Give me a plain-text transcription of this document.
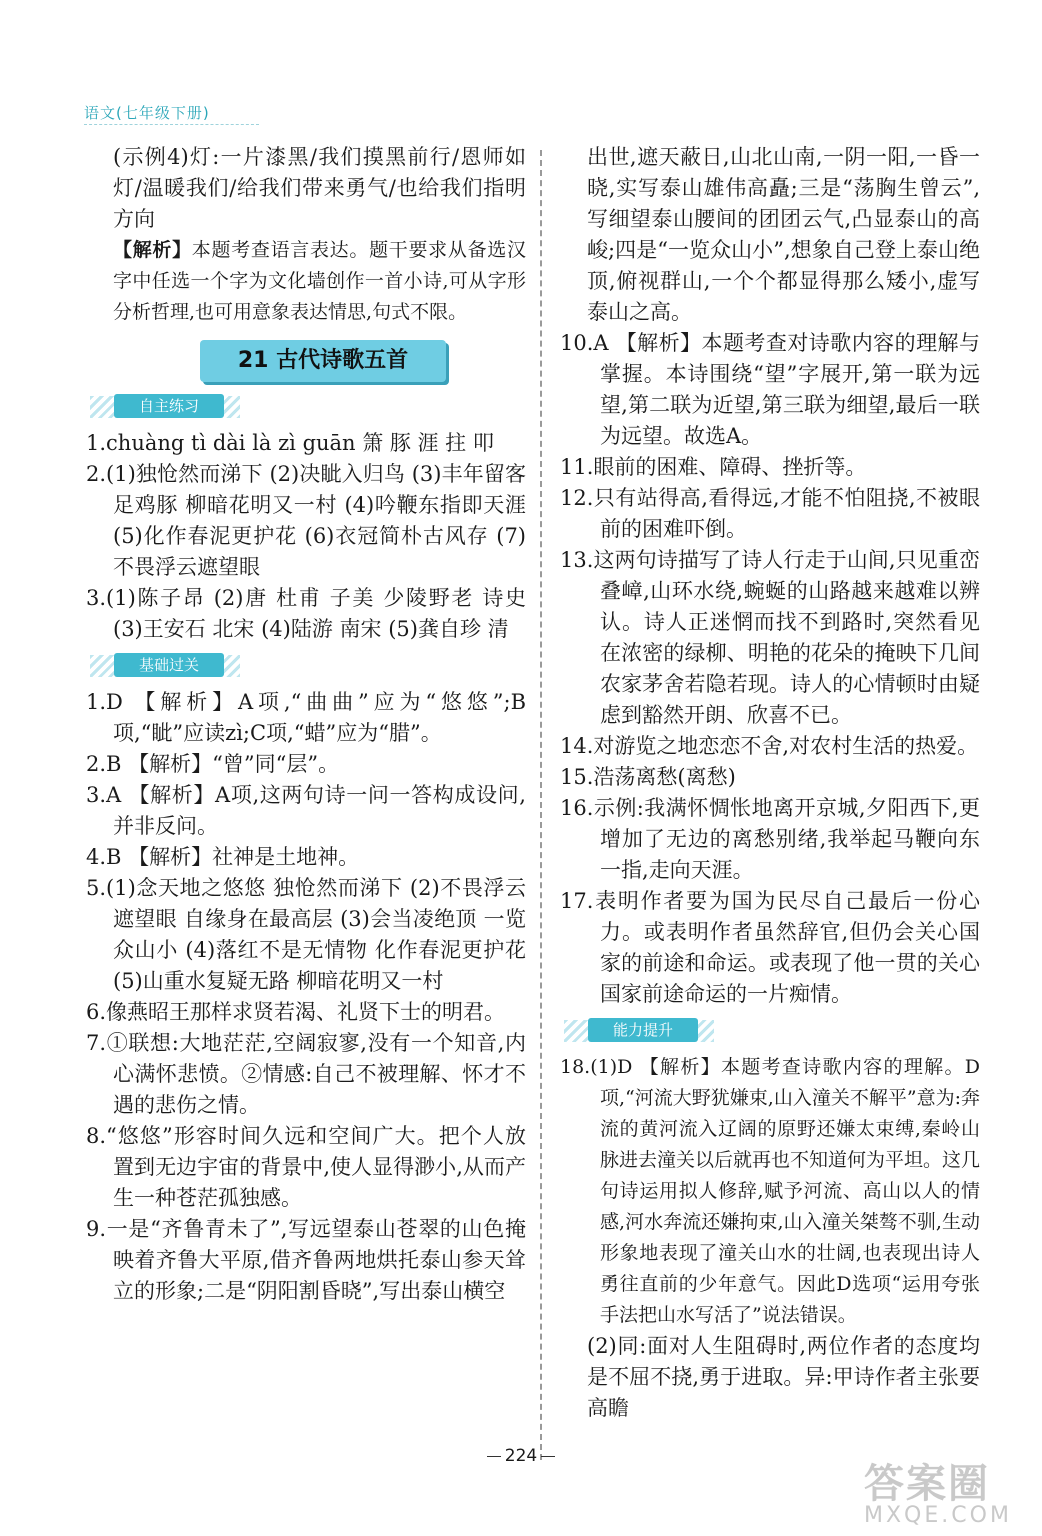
语文(七年级下册)

(示例4)灯:一片漆黑/我们摸黑前行/恩师如灯/温暖我们/给我们带来勇气/也给我们指明方向

【解析】本题考查语言表达。题干要求从备选汉字中任选一个字为文化墙创作一首小诗,可从字形分析哲理,也可用意象表达情思,句式不限。

21 古代诗歌五首
自主练习

1.chuàng tì dài là zì guān 箫 豚 涯 拄 叩

2.(1)独怆然而涕下 (2)决眦入归鸟 (3)丰年留客足鸡豚 柳暗花明又一村 (4)吟鞭东指即天涯 (5)化作春泥更护花 (6)衣冠简朴古风存 (7)不畏浮云遮望眼

3.(1)陈子昂 (2)唐 杜甫 子美 少陵野老 诗史 (3)王安石 北宋 (4)陆游 南宋 (5)龚自珍 清

基础过关

1.D 【解析】A项,“曲曲”应为“悠悠”;B项,“眦”应读zì;C项,“蜡”应为“腊”。

2.B 【解析】“曾”同“层”。

3.A 【解析】A项,这两句诗一问一答构成设问,并非反问。

4.B 【解析】社神是土地神。

5.(1)念天地之悠悠 独怆然而涕下 (2)不畏浮云遮望眼 自缘身在最高层 (3)会当凌绝顶 一览众山小 (4)落红不是无情物 化作春泥更护花 (5)山重水复疑无路 柳暗花明又一村

6.像燕昭王那样求贤若渴、礼贤下士的明君。

7.①联想:大地茫茫,空阔寂寥,没有一个知音,内心满怀悲愤。②情感:自己不被理解、怀才不遇的悲伤之情。

8.“悠悠”形容时间久远和空间广大。把个人放置到无边宇宙的背景中,使人显得渺小,从而产生一种苍茫孤独感。

9.一是“齐鲁青未了”,写远望泰山苍翠的山色掩映着齐鲁大平原,借齐鲁两地烘托泰山参天耸立的形象;二是“阴阳割昏晓”,写出泰山横空

出世,遮天蔽日,山北山南,一阴一阳,一昏一晓,实写泰山雄伟高矗;三是“荡胸生曾云”,写细望泰山腰间的团团云气,凸显泰山的高峻;四是“一览众山小”,想象自己登上泰山绝顶,俯视群山,一个个都显得那么矮小,虚写泰山之高。

10.A 【解析】本题考查对诗歌内容的理解与掌握。本诗围绕“望”字展开,第一联为远望,第二联为近望,第三联为细望,最后一联为远望。故选A。

11.眼前的困难、障碍、挫折等。

12.只有站得高,看得远,才能不怕阻挠,不被眼前的困难吓倒。

13.这两句诗描写了诗人行走于山间,只见重峦叠嶂,山环水绕,蜿蜒的山路越来越难以辨认。诗人正迷惘而找不到路时,突然看见在浓密的绿柳、明艳的花朵的掩映下几间农家茅舍若隐若现。诗人的心情顿时由疑虑到豁然开朗、欣喜不已。

14.对游览之地恋恋不舍,对农村生活的热爱。

15.浩荡离愁(离愁)

16.示例:我满怀惆怅地离开京城,夕阳西下,更增加了无边的离愁别绪,我举起马鞭向东一指,走向天涯。

17.表明作者要为国为民尽自己最后一份心力。或表明作者虽然辞官,但仍会关心国家的前途和命运。或表现了他一贯的关心国家前途命运的一片痴情。

能力提升

18.(1)D 【解析】本题考查诗歌内容的理解。D项,“河流大野犹嫌束,山入潼关不解平”意为:奔流的黄河流入辽阔的原野还嫌太束缚,秦岭山脉进去潼关以后就再也不知道何为平坦。这几句诗运用拟人修辞,赋予河流、高山以人的情感,河水奔流还嫌拘束,山入潼关桀骜不驯,生动形象地表现了潼关山水的壮阔,也表现出诗人勇往直前的少年意气。因此D选项“运用夸张手法把山水写活了”说法错误。

(2)同:面对人生阻碍时,两位作者的态度均是不屈不挠,勇于进取。异:甲诗作者主张要高瞻

224
答案圈
MXQE.COM
